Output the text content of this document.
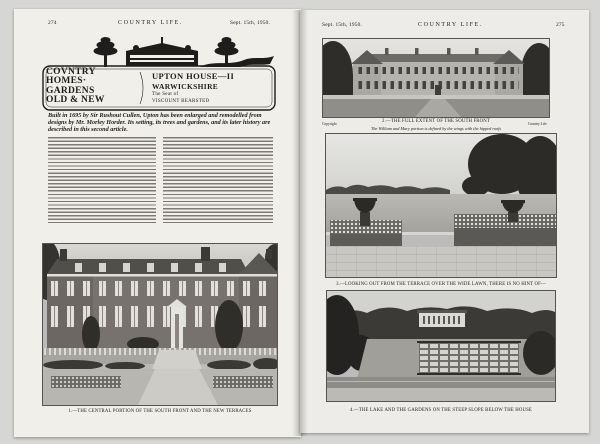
274	COUNTRY LIFE.	Sept. 15th, 1950.
COVNTRY
HOMES·
GARDENS
OLD & NEW
UPTON HOUSE—II
WARWICKSHIRE
The Seat of
VISCOUNT BEARSTED
Built in 1695 by Sir Rushout Cullen, Upton has been enlarged and remodelled from designs by Mr. Morley Horder. Its setting, its trees and gardens, and its later history are described in this second article.
1.—THE CENTRAL PORTION OF THE SOUTH FRONT AND THE NEW TERRACES
Sept. 15th, 1950.	COUNTRY LIFE.	275
Copyright	2.—THE FULL EXTENT OF THE SOUTH FRONT
The William and Mary portion is defined by the wings with the hipped roofs
Country Life
3.—LOOKING OUT FROM THE TERRACE OVER THE WIDE LAWN, THERE IS NO HINT OF—
4.—THE LAKE AND THE GARDENS ON THE STEEP SLOPE BELOW THE HOUSE
